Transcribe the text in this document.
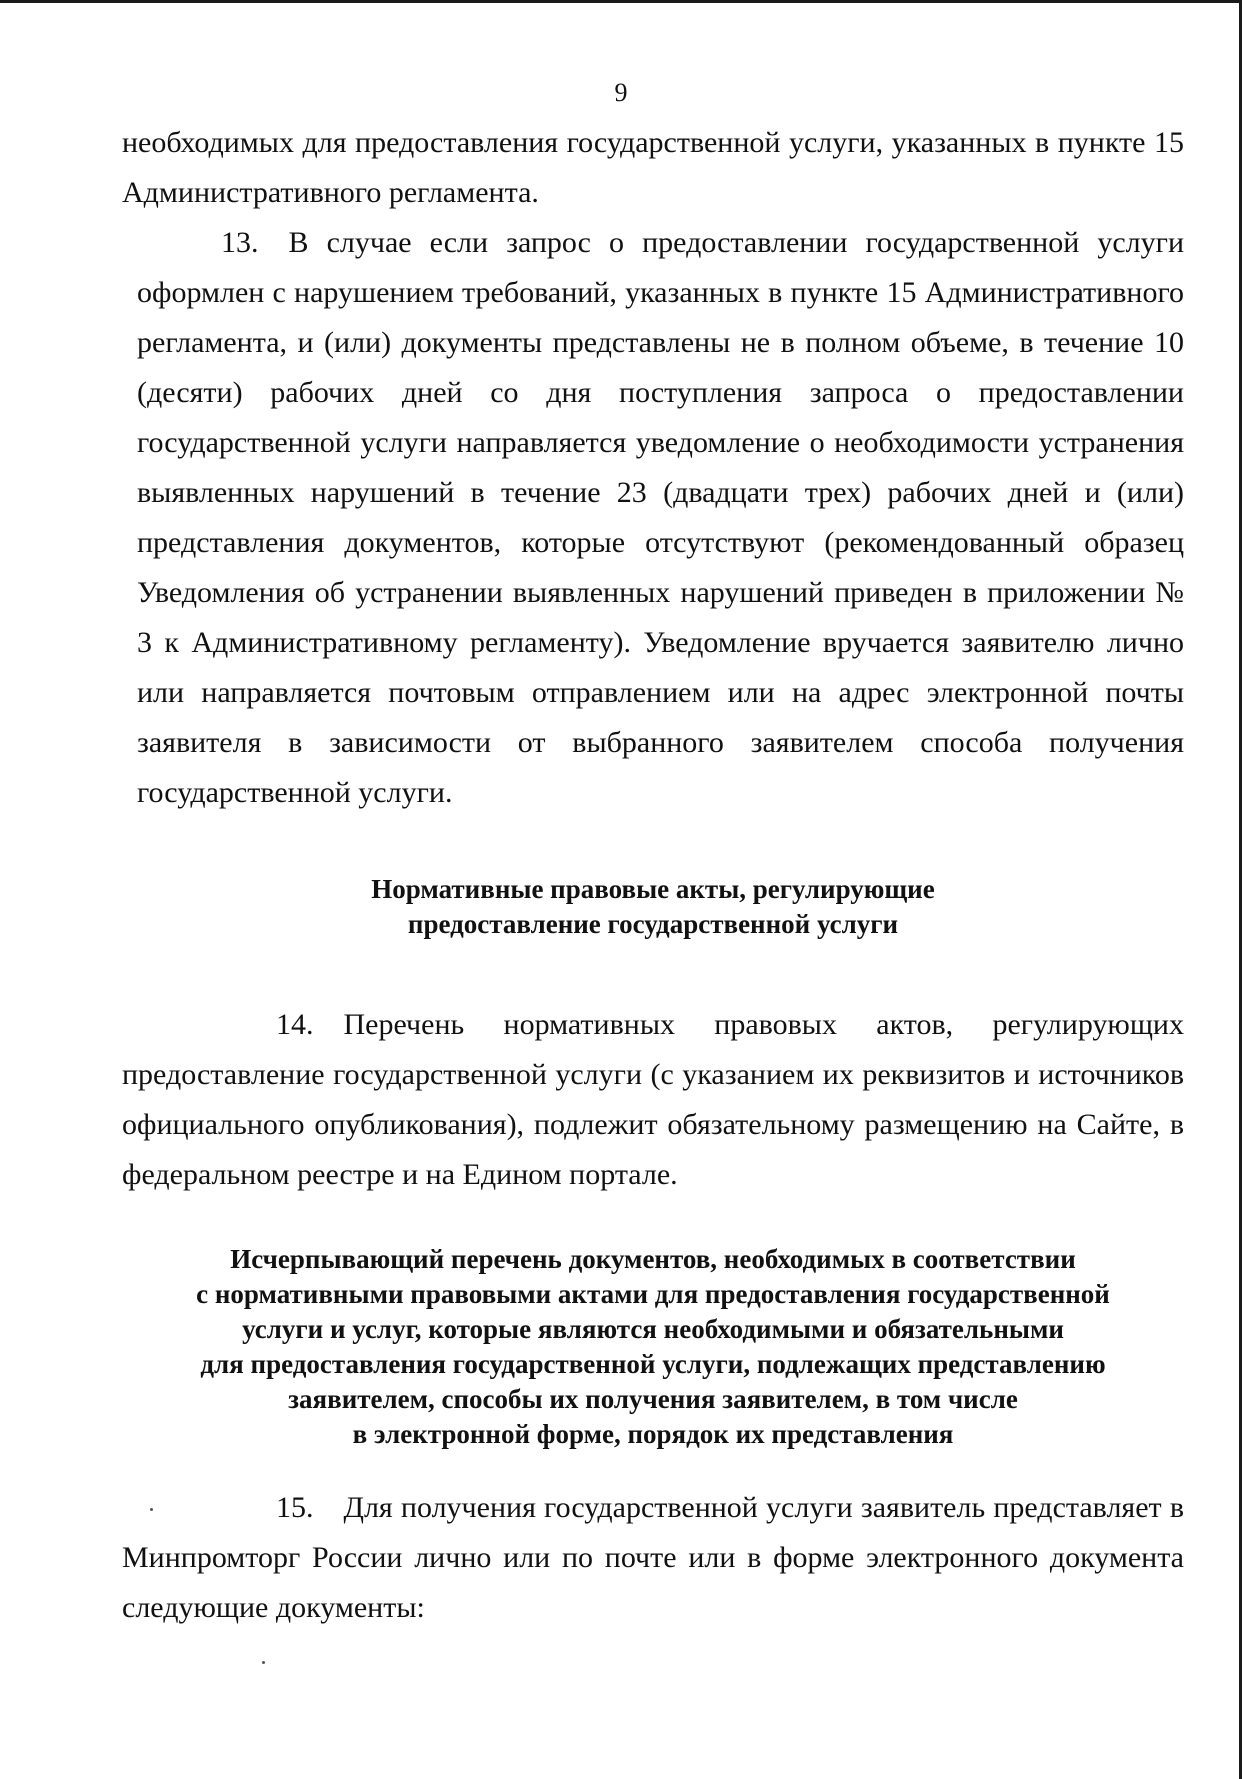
9

необходимых для предоставления государственной услуги, указанных в пункте 15 Административного регламента.

13. В случае если запрос о предоставлении государственной услуги оформлен с нарушением требований, указанных в пункте 15 Административного регламента, и (или) документы представлены не в полном объеме, в течение 10 (десяти) рабочих дней со дня поступления запроса о предоставлении государственной услуги направляется уведомление о необходимости устранения выявленных нарушений в течение 23 (двадцати трех) рабочих дней и (или) представления документов, которые отсутствуют (рекомендованный образец Уведомления об устранении выявленных нарушений приведен в приложении № 3 к Административному регламенту). Уведомление вручается заявителю лично или направляется почтовым отправлением или на адрес электронной почты заявителя в зависимости от выбранного заявителем способа получения государственной услуги.

Нормативные правовые акты, регулирующие
предоставление государственной услуги

14. Перечень нормативных правовых актов, регулирующих предоставление государственной услуги (с указанием их реквизитов и источников официального опубликования), подлежит обязательному размещению на Сайте, в федеральном реестре и на Едином портале.

Исчерпывающий перечень документов, необходимых в соответствии
с нормативными правовыми актами для предоставления государственной
услуги и услуг, которые являются необходимыми и обязательными
для предоставления государственной услуги, подлежащих представлению
заявителем, способы их получения заявителем, в том числе
в электронной форме, порядок их представления

15. Для получения государственной услуги заявитель представляет в Минпромторг России лично или по почте или в форме электронного документа следующие документы:
